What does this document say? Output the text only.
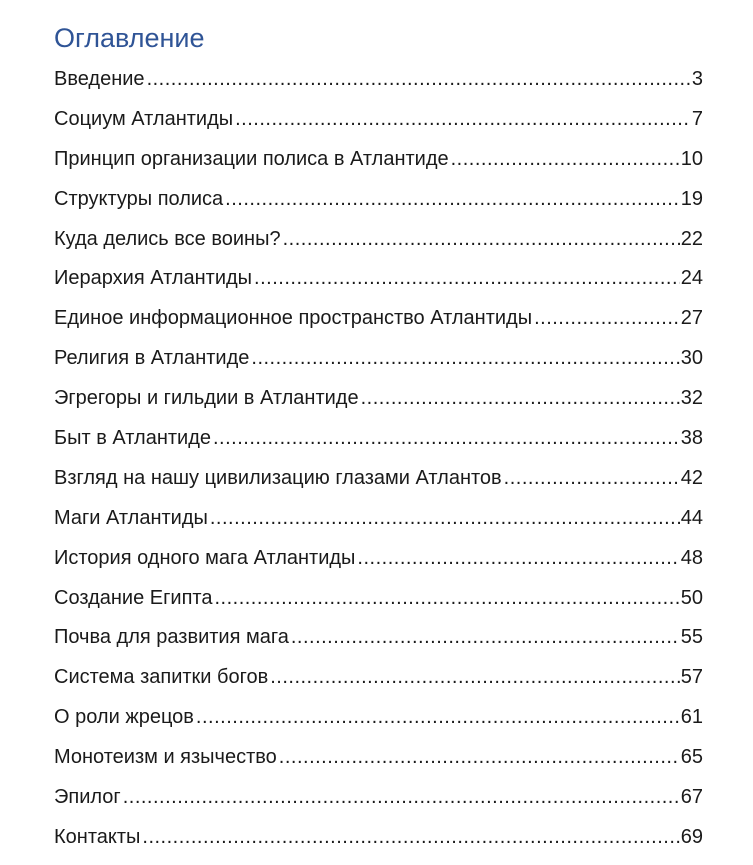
Оглавление
Введение .....	3
Социум Атлантиды .....	7
Принцип организации полиса в Атлантиде .....	10
Структуры полиса .....	19
Куда делись все воины? .....	22
Иерархия Атлантиды .....	24
Единое информационное пространство Атлантиды .....	27
Религия в Атлантиде .....	30
Эгрегоры и гильдии в Атлантиде .....	32
Быт в Атлантиде .....	38
Взгляд на нашу цивилизацию глазами Атлантов .....	42
Маги Атлантиды .....	44
История одного мага Атлантиды .....	48
Создание Египта .....	50
Почва для развития мага .....	55
Система запитки богов .....	57
О роли жрецов .....	61
Монотеизм и язычество .....	65
Эпилог .....	67
Контакты .....	69
